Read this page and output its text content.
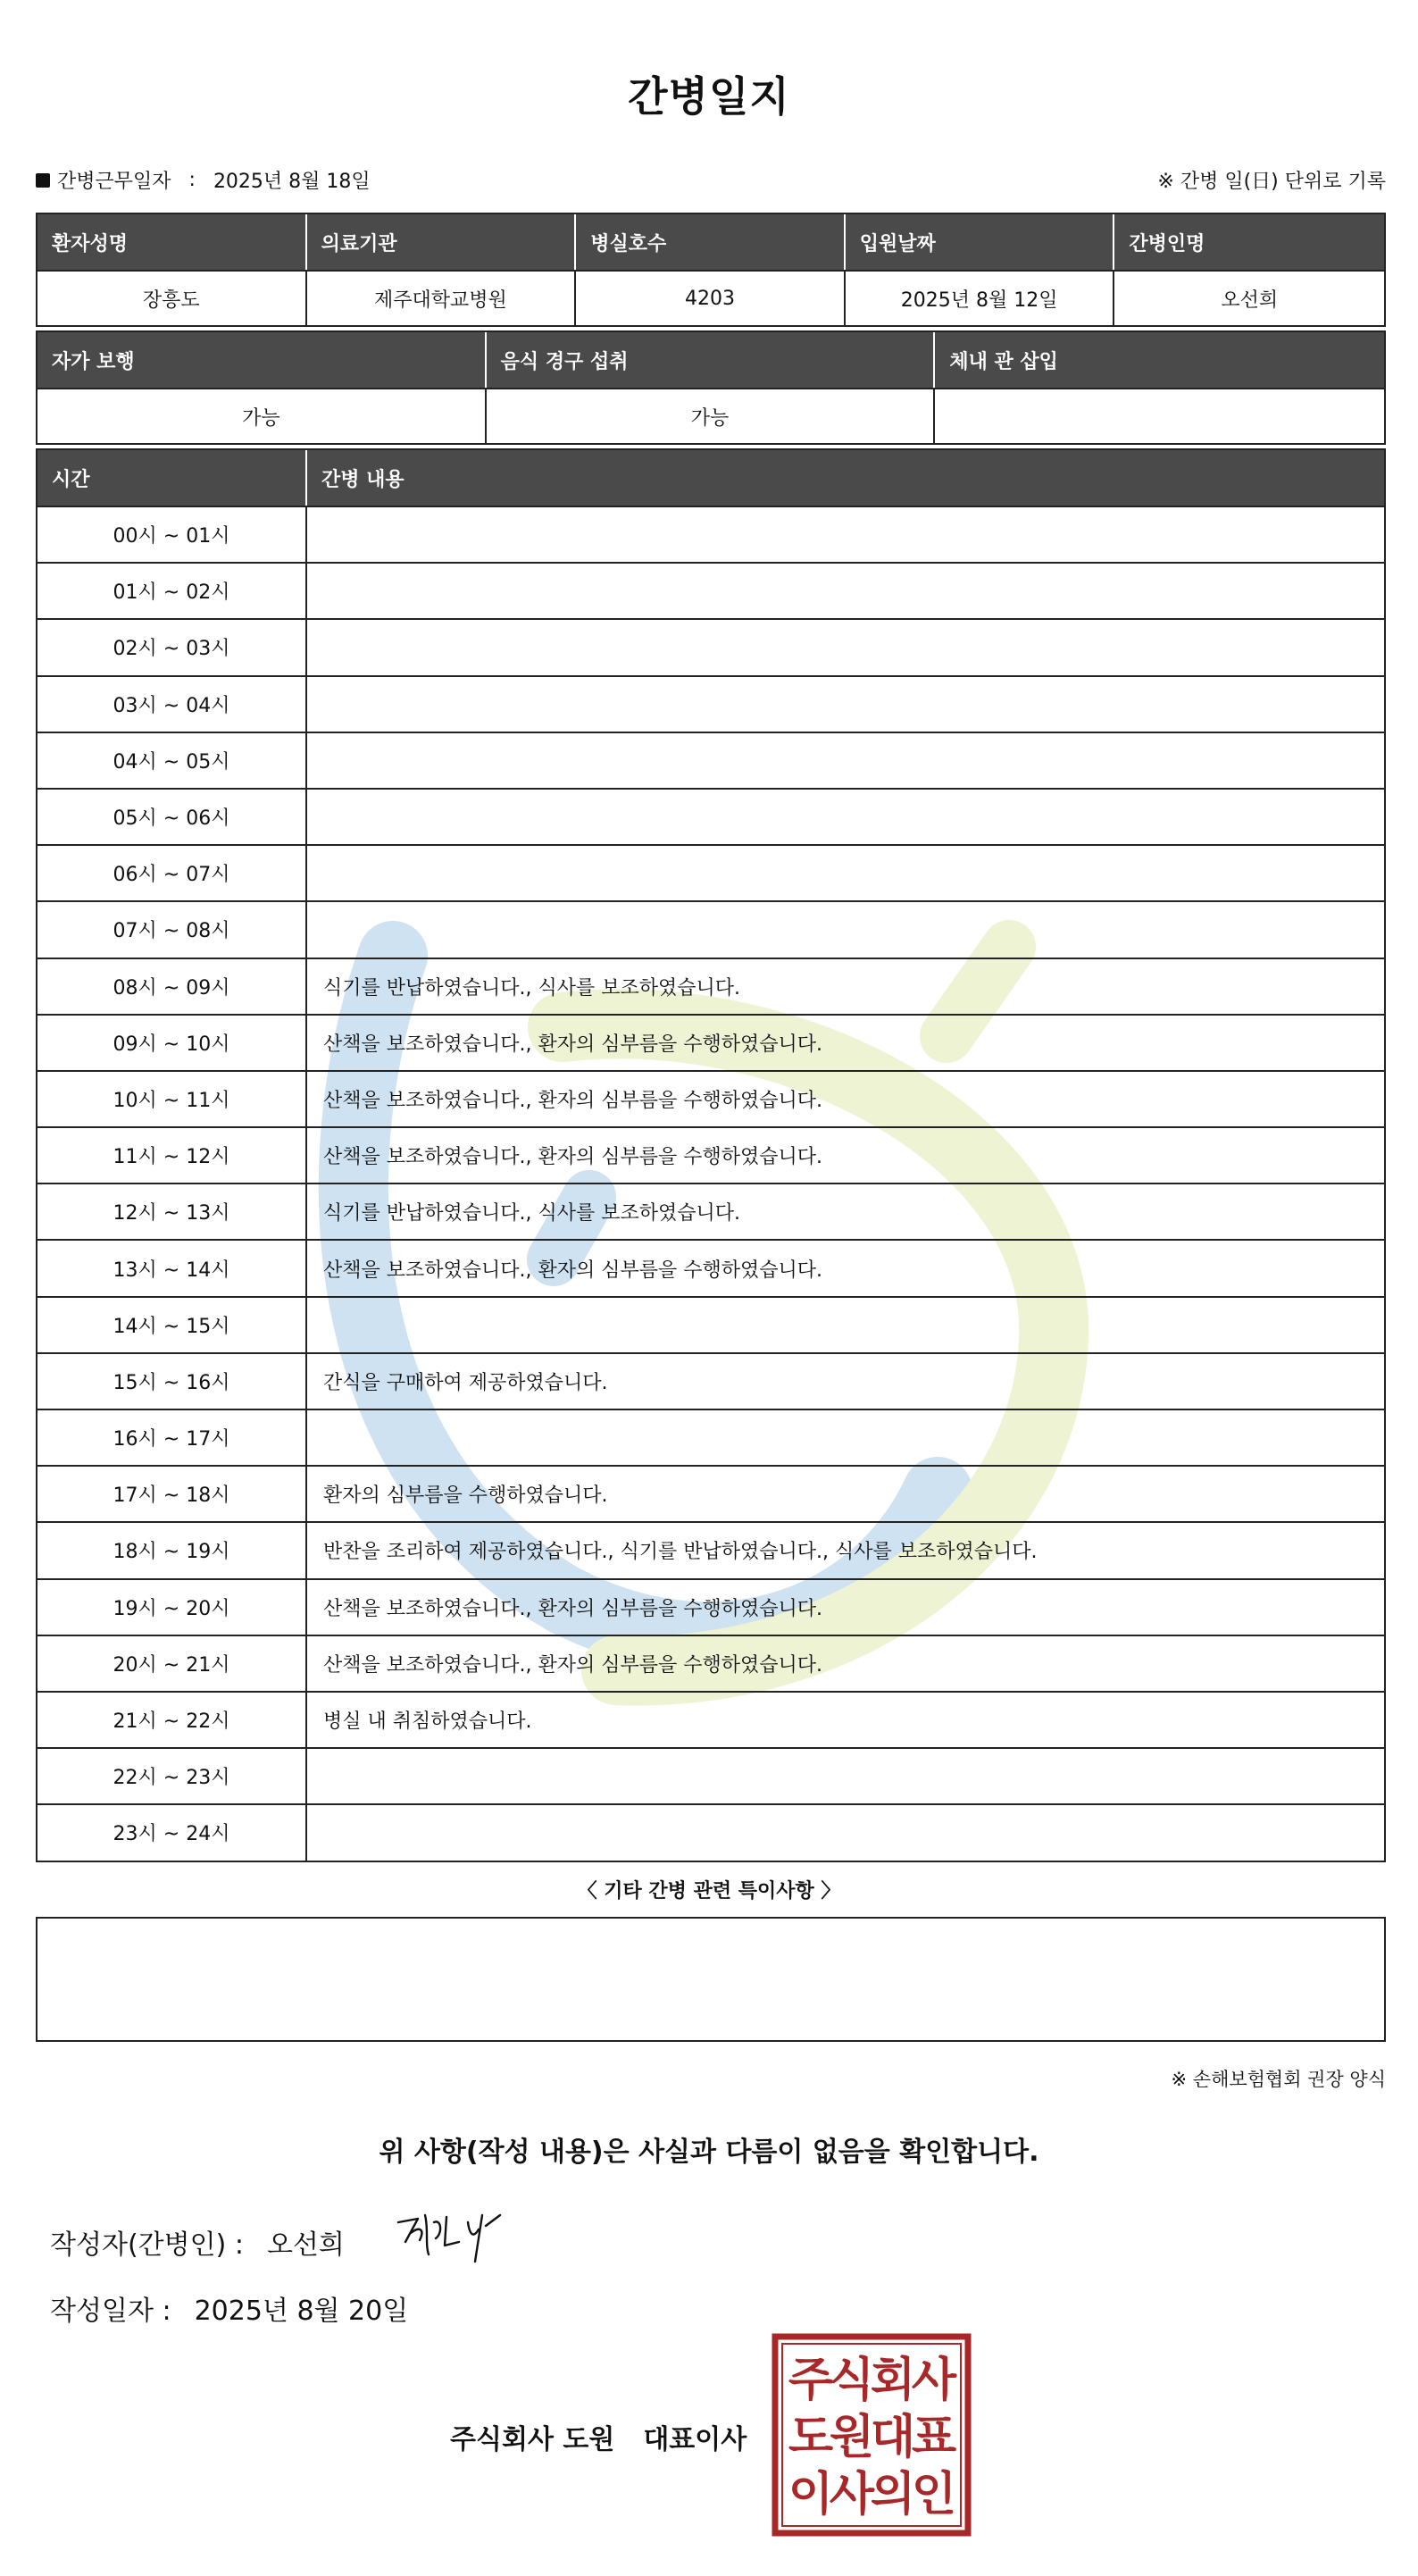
간병일지
간병근무일자 : 2025년 8월 18일	※ 간병 일(日) 단위로 기록
환자성명	의료기관	병실호수	입원날짜	간병인명
장흥도	제주대학교병원	4203	2025년 8월 12일	오선희
자가 보행	음식 경구 섭취	체내 관 삽입
가능	가능
시간	간병 내용
00시 ~ 01시
01시 ~ 02시
02시 ~ 03시
03시 ~ 04시
04시 ~ 05시
05시 ~ 06시
06시 ~ 07시
07시 ~ 08시
08시 ~ 09시	식기를 반납하였습니다., 식사를 보조하였습니다.
09시 ~ 10시	산책을 보조하였습니다., 환자의 심부름을 수행하였습니다.
10시 ~ 11시	산책을 보조하였습니다., 환자의 심부름을 수행하였습니다.
11시 ~ 12시	산책을 보조하였습니다., 환자의 심부름을 수행하였습니다.
12시 ~ 13시	식기를 반납하였습니다., 식사를 보조하였습니다.
13시 ~ 14시	산책을 보조하였습니다., 환자의 심부름을 수행하였습니다.
14시 ~ 15시
15시 ~ 16시	간식을 구매하여 제공하였습니다.
16시 ~ 17시
17시 ~ 18시	환자의 심부름을 수행하였습니다.
18시 ~ 19시	반찬을 조리하여 제공하였습니다., 식기를 반납하였습니다., 식사를 보조하였습니다.
19시 ~ 20시	산책을 보조하였습니다., 환자의 심부름을 수행하였습니다.
20시 ~ 21시	산책을 보조하였습니다., 환자의 심부름을 수행하였습니다.
21시 ~ 22시	병실 내 취침하였습니다.
22시 ~ 23시
23시 ~ 24시
〈 기타 간병 관련 특이사항 〉
※ 손해보험협회 권장 양식
위 사항(작성 내용)은 사실과 다름이 없음을 확인합니다.
작성자(간병인) : 오선희
작성일자 : 2025년 8월 20일
주식회사 도원 대표이사
주
식
회
사
도
원
대
표
이
사
의
인
